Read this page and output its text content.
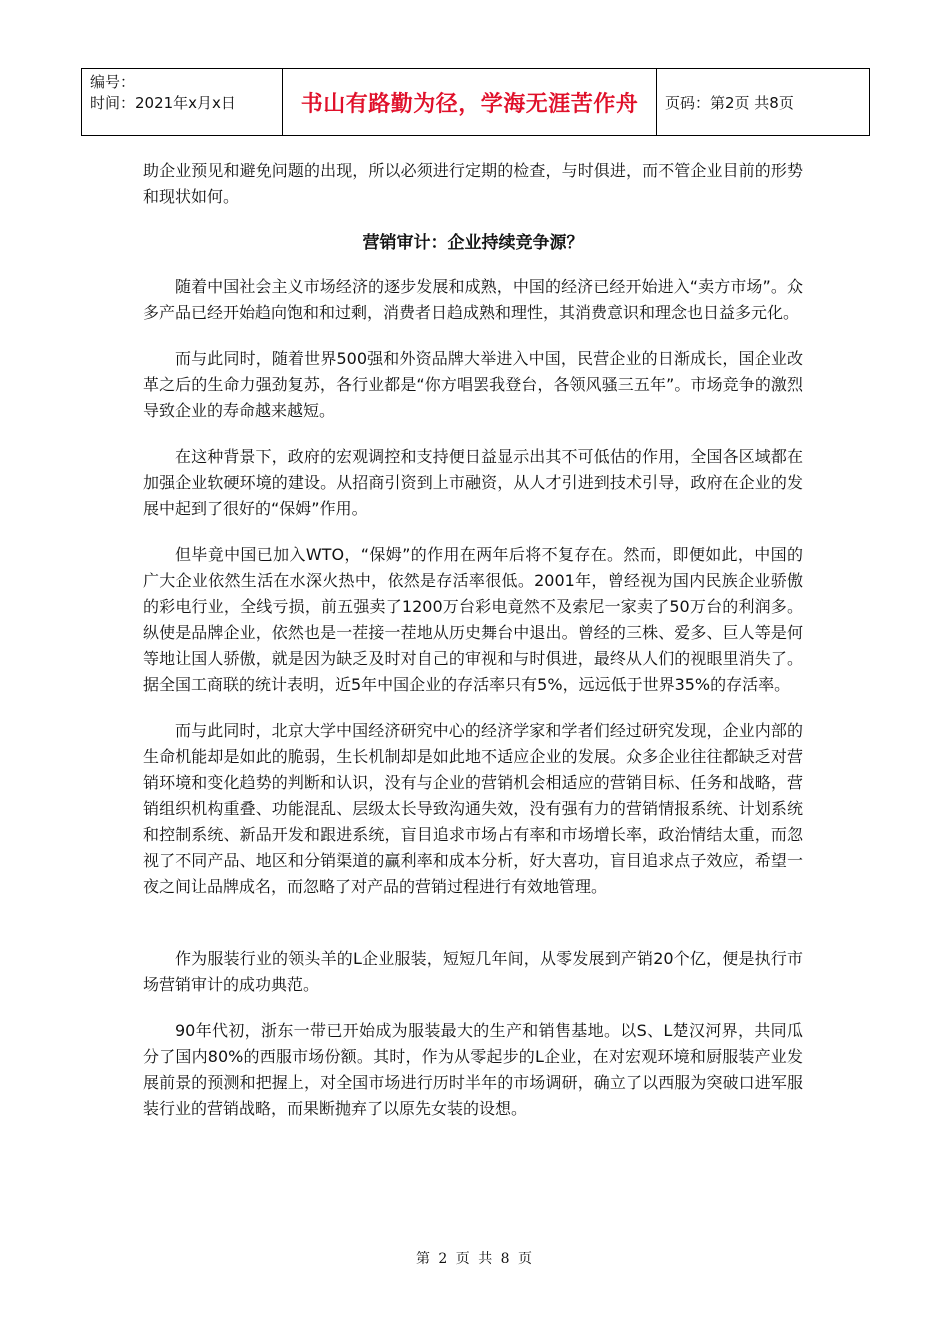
编号：
时间：2021年x月x日	书山有路勤为径，学海无涯苦作舟	页码：第2页 共8页

助企业预见和避免问题的出现，所以必须进行定期的检查，与时俱进，而不管企业目前的形势和现状如何。

营销审计：企业持续竞争源？

随着中国社会主义市场经济的逐步发展和成熟，中国的经济已经开始进入“卖方市场”。众多产品已经开始趋向饱和和过剩，消费者日趋成熟和理性，其消费意识和理念也日益多元化。

而与此同时，随着世界500强和外资品牌大举进入中国，民营企业的日渐成长，国企业改革之后的生命力强劲复苏，各行业都是“你方唱罢我登台，各领风骚三五年”。市场竞争的激烈导致企业的寿命越来越短。

在这种背景下，政府的宏观调控和支持便日益显示出其不可低估的作用，全国各区域都在加强企业软硬环境的建设。从招商引资到上市融资，从人才引进到技术引导，政府在企业的发展中起到了很好的“保姆”作用。

但毕竟中国已加入WTO，“保姆”的作用在两年后将不复存在。然而，即便如此，中国的广大企业依然生活在水深火热中，依然是存活率很低。2001年，曾经视为国内民族企业骄傲的彩电行业，全线亏损，前五强卖了1200万台彩电竟然不及索尼一家卖了50万台的利润多。 纵使是品牌企业，依然也是一茬接一茬地从历史舞台中退出。曾经的三株、爱多、巨人等是何等地让国人骄傲，就是因为缺乏及时对自己的审视和与时俱进，最终从人们的视眼里消失了。据全国工商联的统计表明，近5年中国企业的存活率只有5%，远远低于世界35%的存活率。

而与此同时，北京大学中国经济研究中心的经济学家和学者们经过研究发现，企业内部的生命机能却是如此的脆弱，生长机制却是如此地不适应企业的发展。众多企业往往都缺乏对营销环境和变化趋势的判断和认识，没有与企业的营销机会相适应的营销目标、任务和战略，营销组织机构重叠、功能混乱、层级太长导致沟通失效，没有强有力的营销情报系统、计划系统和控制系统、新品开发和跟进系统，盲目追求市场占有率和市场增长率，政治情结太重，而忽视了不同产品、地区和分销渠道的赢利率和成本分析，好大喜功，盲目追求点子效应，希望一夜之间让品牌成名，而忽略了对产品的营销过程进行有效地管理。

作为服装行业的领头羊的L企业服装，短短几年间，从零发展到产销20个亿，便是执行市场营销审计的成功典范。

90年代初，浙东一带已开始成为服装最大的生产和销售基地。以S、L楚汉河界，共同瓜分了国内80%的西服市场份额。其时，作为从零起步的L企业，在对宏观环境和厨服装产业发展前景的预测和把握上，对全国市场进行历时半年的市场调研，确立了以西服为突破口进军服装行业的营销战略，而果断抛弃了以原先女装的设想。

第 2 页 共 8 页
